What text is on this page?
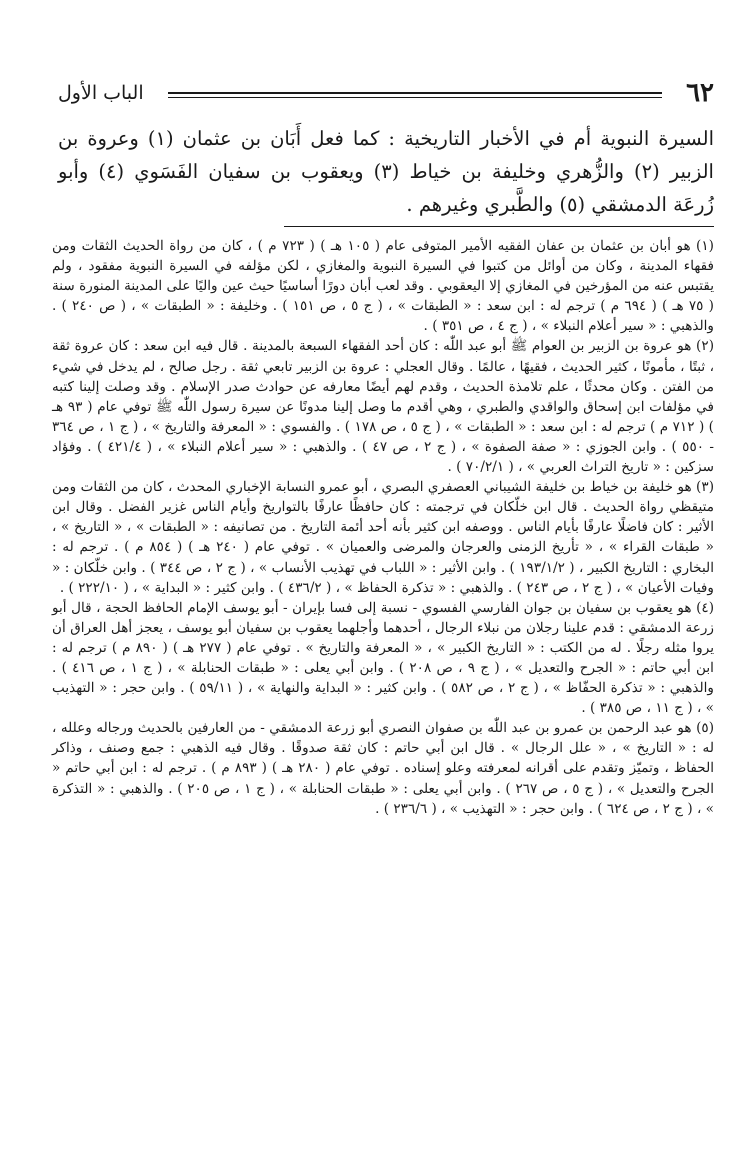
٦٢
الباب الأول

السيرة النبوية أم في الأخبار التاريخية : كما فعل أَبَان بن عثمان (١) وعروة بن الزبير (٢) والزُّهري وخليفة بن خياط (٣) ويعقوب بن سفيان الفَسَوي (٤) وأبو زُرعَة الدمشقي (٥) والطَّبري وغيرهم .

(١) هو أبان بن عثمان بن عفان الفقيه الأمير المتوفى عام ( ١٠٥ هـ ) ( ٧٢٣ م ) ، كان من رواة الحديث الثقات ومن فقهاء المدينة ، وكان من أوائل من كتبوا في السيرة النبوية والمغازي ، لكن مؤلفه في السيرة النبوية مفقود ، ولم يقتبس عنه من المؤرخين في المغازي إلا اليعقوبي . وقد لعب أبان دورًا أساسيًا حيث عين والیًا على المدينة المنورة سنة ( ٧٥ هـ ) ( ٦٩٤ م ) ترجم له : ابن سعد : « الطبقات » ، ( ج ٥ ، ص ١٥١ ) . وخليفة : « الطبقات » ، ( ص ٢٤٠ ) . والذهبي : « سير أعلام النبلاء » ، ( ج ٤ ، ص ٣٥١ ) .

(٢) هو عروة بن الزبير بن العوام ﷺ أبو عبد اللّٰه : كان أحد الفقهاء السبعة بالمدينة . قال فيه ابن سعد : كان عروة ثقة ، ثبتًا ، مأمونًا ، كثير الحديث ، فقيهًا ، عالمًا . وقال العجلي : عروة بن الزبير تابعي ثقة . رجل صالح ، لم يدخل في شيء من الفتن . وكان محدثًا ، علم تلامذة الحديث ، وقدم لهم أيضًا معارفه عن حوادث صدر الإسلام . وقد وصلت إلينا كتبه في مؤلفات ابن إسحاق والواقدي والطبري ، وهي أقدم ما وصل إلينا مدونًا عن سيرة رسول اللّٰه ﷺ توفي عام ( ٩٣ هـ ) ( ٧١٢ م ) ترجم له : ابن سعد : « الطبقات » ، ( ج ٥ ، ص ١٧٨ ) . والفسوي : « المعرفة والتاريخ » ، ( ج ١ ، ص ٣٦٤ - ٥٥٠ ) . وابن الجوزي : « صفة الصفوة » ، ( ج ٢ ، ص ٤٧ ) . والذهبي : « سير أعلام النبلاء » ، ( ٤٢١/٤ ) . وفؤاد سزكين : « تاريخ التراث العربي » ، ( ٧٠/٢/١ ) .

(٣) هو خليفة بن خياط بن خليفة الشيباني العصفري البصري ، أبو عمرو النسابة الإخباري المحدث ، كان من الثقات ومن متيقظي رواة الحديث . قال ابن خلّكان في ترجمته : كان حافظًا عارفًا بالتواريخ وأيام الناس غزير الفضل . وقال ابن الأثير : كان فاضلًا عارفًا بأيام الناس . ووصفه ابن كثير بأنه أحد أئمة التاريخ . من تصانيفه : « الطبقات » ، « التاريخ » ، « طبقات القراء » ، « تأريخ الزمنى والعرجان والمرضى والعميان » . توفي عام ( ٢٤٠ هـ ) ( ٨٥٤ م ) . ترجم له : البخاري : التاريخ الكبير ، ( ١٩٣/١/٢ ) . وابن الأثير : « اللباب في تهذيب الأنساب » ، ( ج ٢ ، ص ٣٤٤ ) . وابن خلّكان : « وفيات الأعيان » ، ( ج ٢ ، ص ٢٤٣ ) . والذهبي : « تذكرة الحفاظ » ، ( ٤٣٦/٢ ) . وابن كثير : « البداية » ، ( ٢٢٢/١٠ ) .

(٤) هو يعقوب بن سفيان بن جوان الفارسي الفسوي - نسبة إلى فسا بإيران - أبو يوسف الإمام الحافظ الحجة ، قال أبو زرعة الدمشقي : قدم علينا رجلان من نبلاء الرجال ، أحدهما وأجلهما يعقوب بن سفيان أبو يوسف ، يعجز أهل العراق أن يروا مثله رجلًا . له من الكتب : « التاريخ الكبير » ، « المعرفة والتاريخ » . توفي عام ( ٢٧٧ هـ ) ( ٨٩٠ م ) ترجم له : ابن أبي حاتم : « الجرح والتعديل » ، ( ج ٩ ، ص ٢٠٨ ) . وابن أبي يعلى : « طبقات الحنابلة » ، ( ج ١ ، ص ٤١٦ ) . والذهبي : « تذكرة الحفّاظ » ، ( ج ٢ ، ص ٥٨٢ ) . وابن كثير : « البداية والنهاية » ، ( ٥٩/١١ ) . وابن حجر : « التهذيب » ، ( ج ١١ ، ص ٣٨٥ ) .

(٥) هو عبد الرحمن بن عمرو بن عبد اللّٰه بن صفوان النصري أبو زرعة الدمشقي - من العارفين بالحديث ورجاله وعلله ، له : « التاريخ » ، « علل الرجال » . قال ابن أبي حاتم : كان ثقة صدوقًا . وقال فيه الذهبي : جمع وصنف ، وذاكر الحفاظ ، وتميّز وتقدم على أقرانه لمعرفته وعلو إسناده . توفي عام ( ٢٨٠ هـ ) ( ٨٩٣ م ) . ترجم له : ابن أبي حاتم « الجرح والتعديل » ، ( ج ٥ ، ص ٢٦٧ ) . وابن أبي يعلى : « طبقات الحنابلة » ، ( ج ١ ، ص ٢٠٥ ) . والذهبي : « التذكرة » ، ( ج ٢ ، ص ٦٢٤ ) . وابن حجر : « التهذيب » ، ( ٢٣٦/٦ ) .
